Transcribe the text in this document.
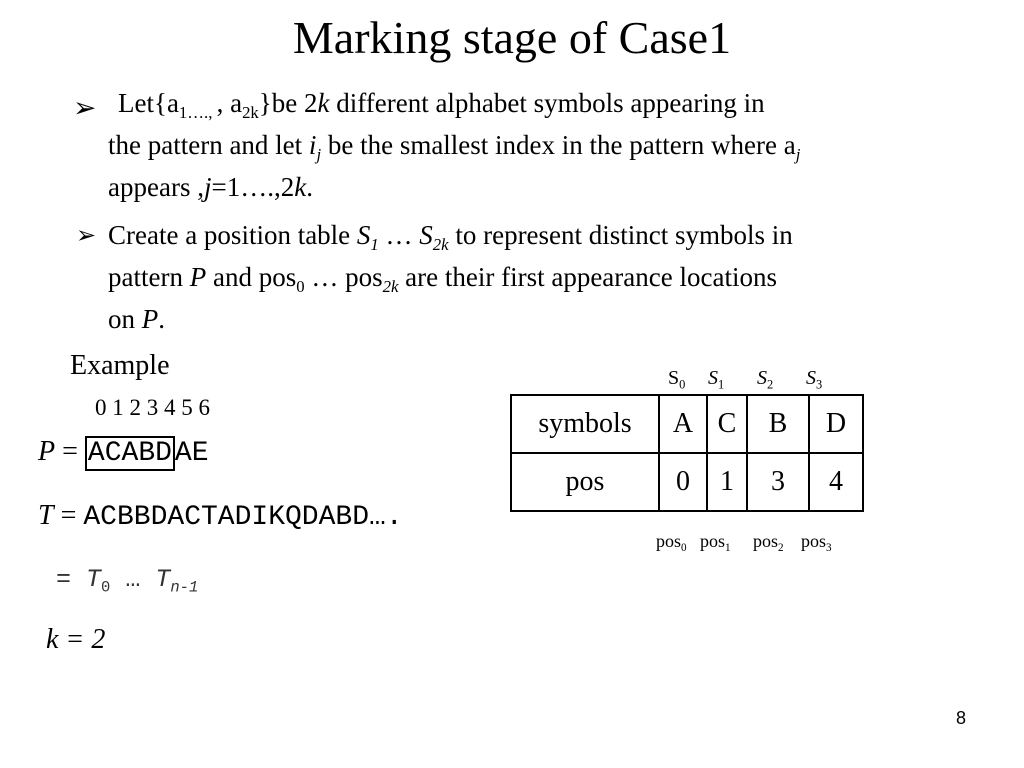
Marking stage of Case1
➢ $Let\{a_{1\dots.,}$ , $a_{2k}\}be$ 2k different alphabet symbols appearing in
the pattern and let $i_j$ be the smallest index in the pattern where $a_j$
appears ,j=1….,2k.
➢ Create a position table $S_1$ … $S_{2k}$ to represent distinct symbols in
pattern P and pos$_0$ … pos$_{2k}$ are their first appearance locations
on P.
Example
0 1 2 3 4 5 6
P = ACABD AE
T = ACBBDACTADIKQDABD….
= $T_0$ … $T_{n-1}$
k = 2
$S_0$ $S_1$ $S_2$ $S_3$
symbols	A	C	B	D
pos	0	1	3	4
pos$_0$ pos$_1$ pos$_2$ pos$_3$
8
